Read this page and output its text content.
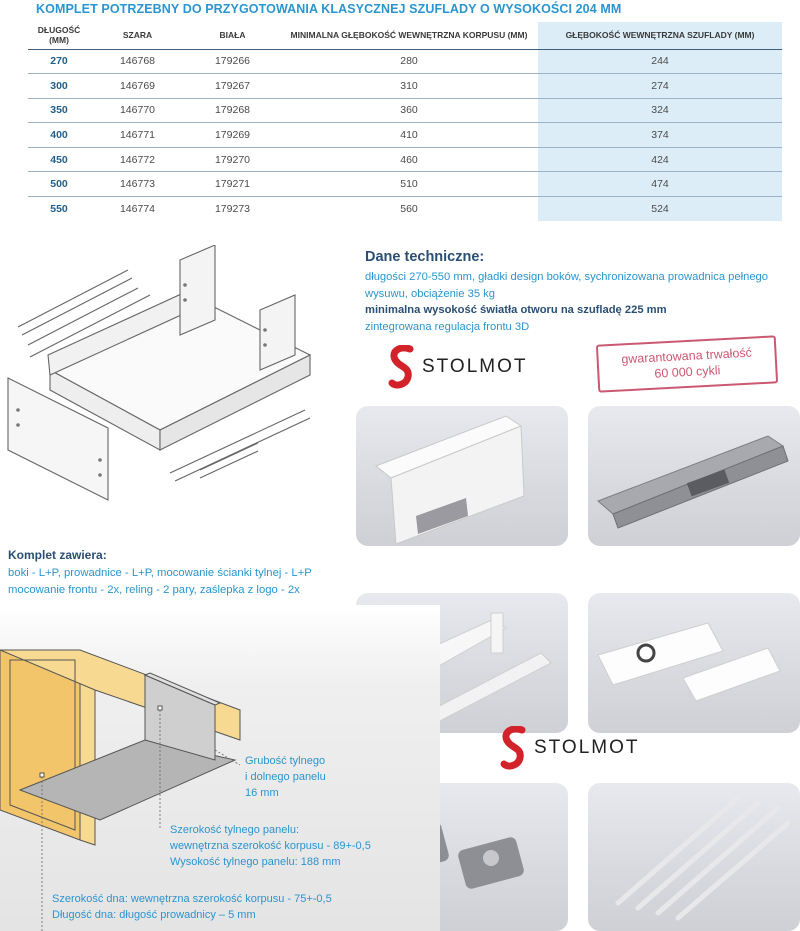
KOMPLET POTRZEBNY DO PRZYGOTOWANIA KLASYCZNEJ SZUFLADY O WYSOKOŚCI 204 MM
DŁUGOŚĆ (MM)	SZARA	BIAŁA	MINIMALNA GŁĘBOKOŚĆ WEWNĘTRZNA KORPUSU (MM)	GŁĘBOKOŚĆ WEWNĘTRZNA SZUFLADY (MM)
270	146768	179266	280	244
300	146769	179267	310	274
350	146770	179268	360	324
400	146771	179269	410	374
450	146772	179270	460	424
500	146773	179271	510	474
550	146774	179273	560	524
Dane techniczne:
długości 270-550 mm, gładki design boków, sychronizowana prowadnica pełnego wysuwu, obciążenie 35 kg
minimalna wysokość światła otworu na szufladę 225 mm
zintegrowana regulacja frontu 3D
STOLMOT	gwarantowana trwałość
60 000 cykli
STOLMOT
Komplet zawiera:
boki - L+P, prowadnice - L+P, mocowanie ścianki tylnej - L+P
mocowanie frontu - 2x, reling - 2 pary, zaślepka z logo - 2x
Grubość tylnego
i dolnego panelu
16 mm
Szerokość tylnego panelu:
wewnętrzna szerokość korpusu - 89+-0,5
Wysokość tylnego panelu: 188 mm
Szerokość dna: wewnętrzna szerokość korpusu - 75+-0,5
Długość dna: długość prowadnicy – 5 mm
